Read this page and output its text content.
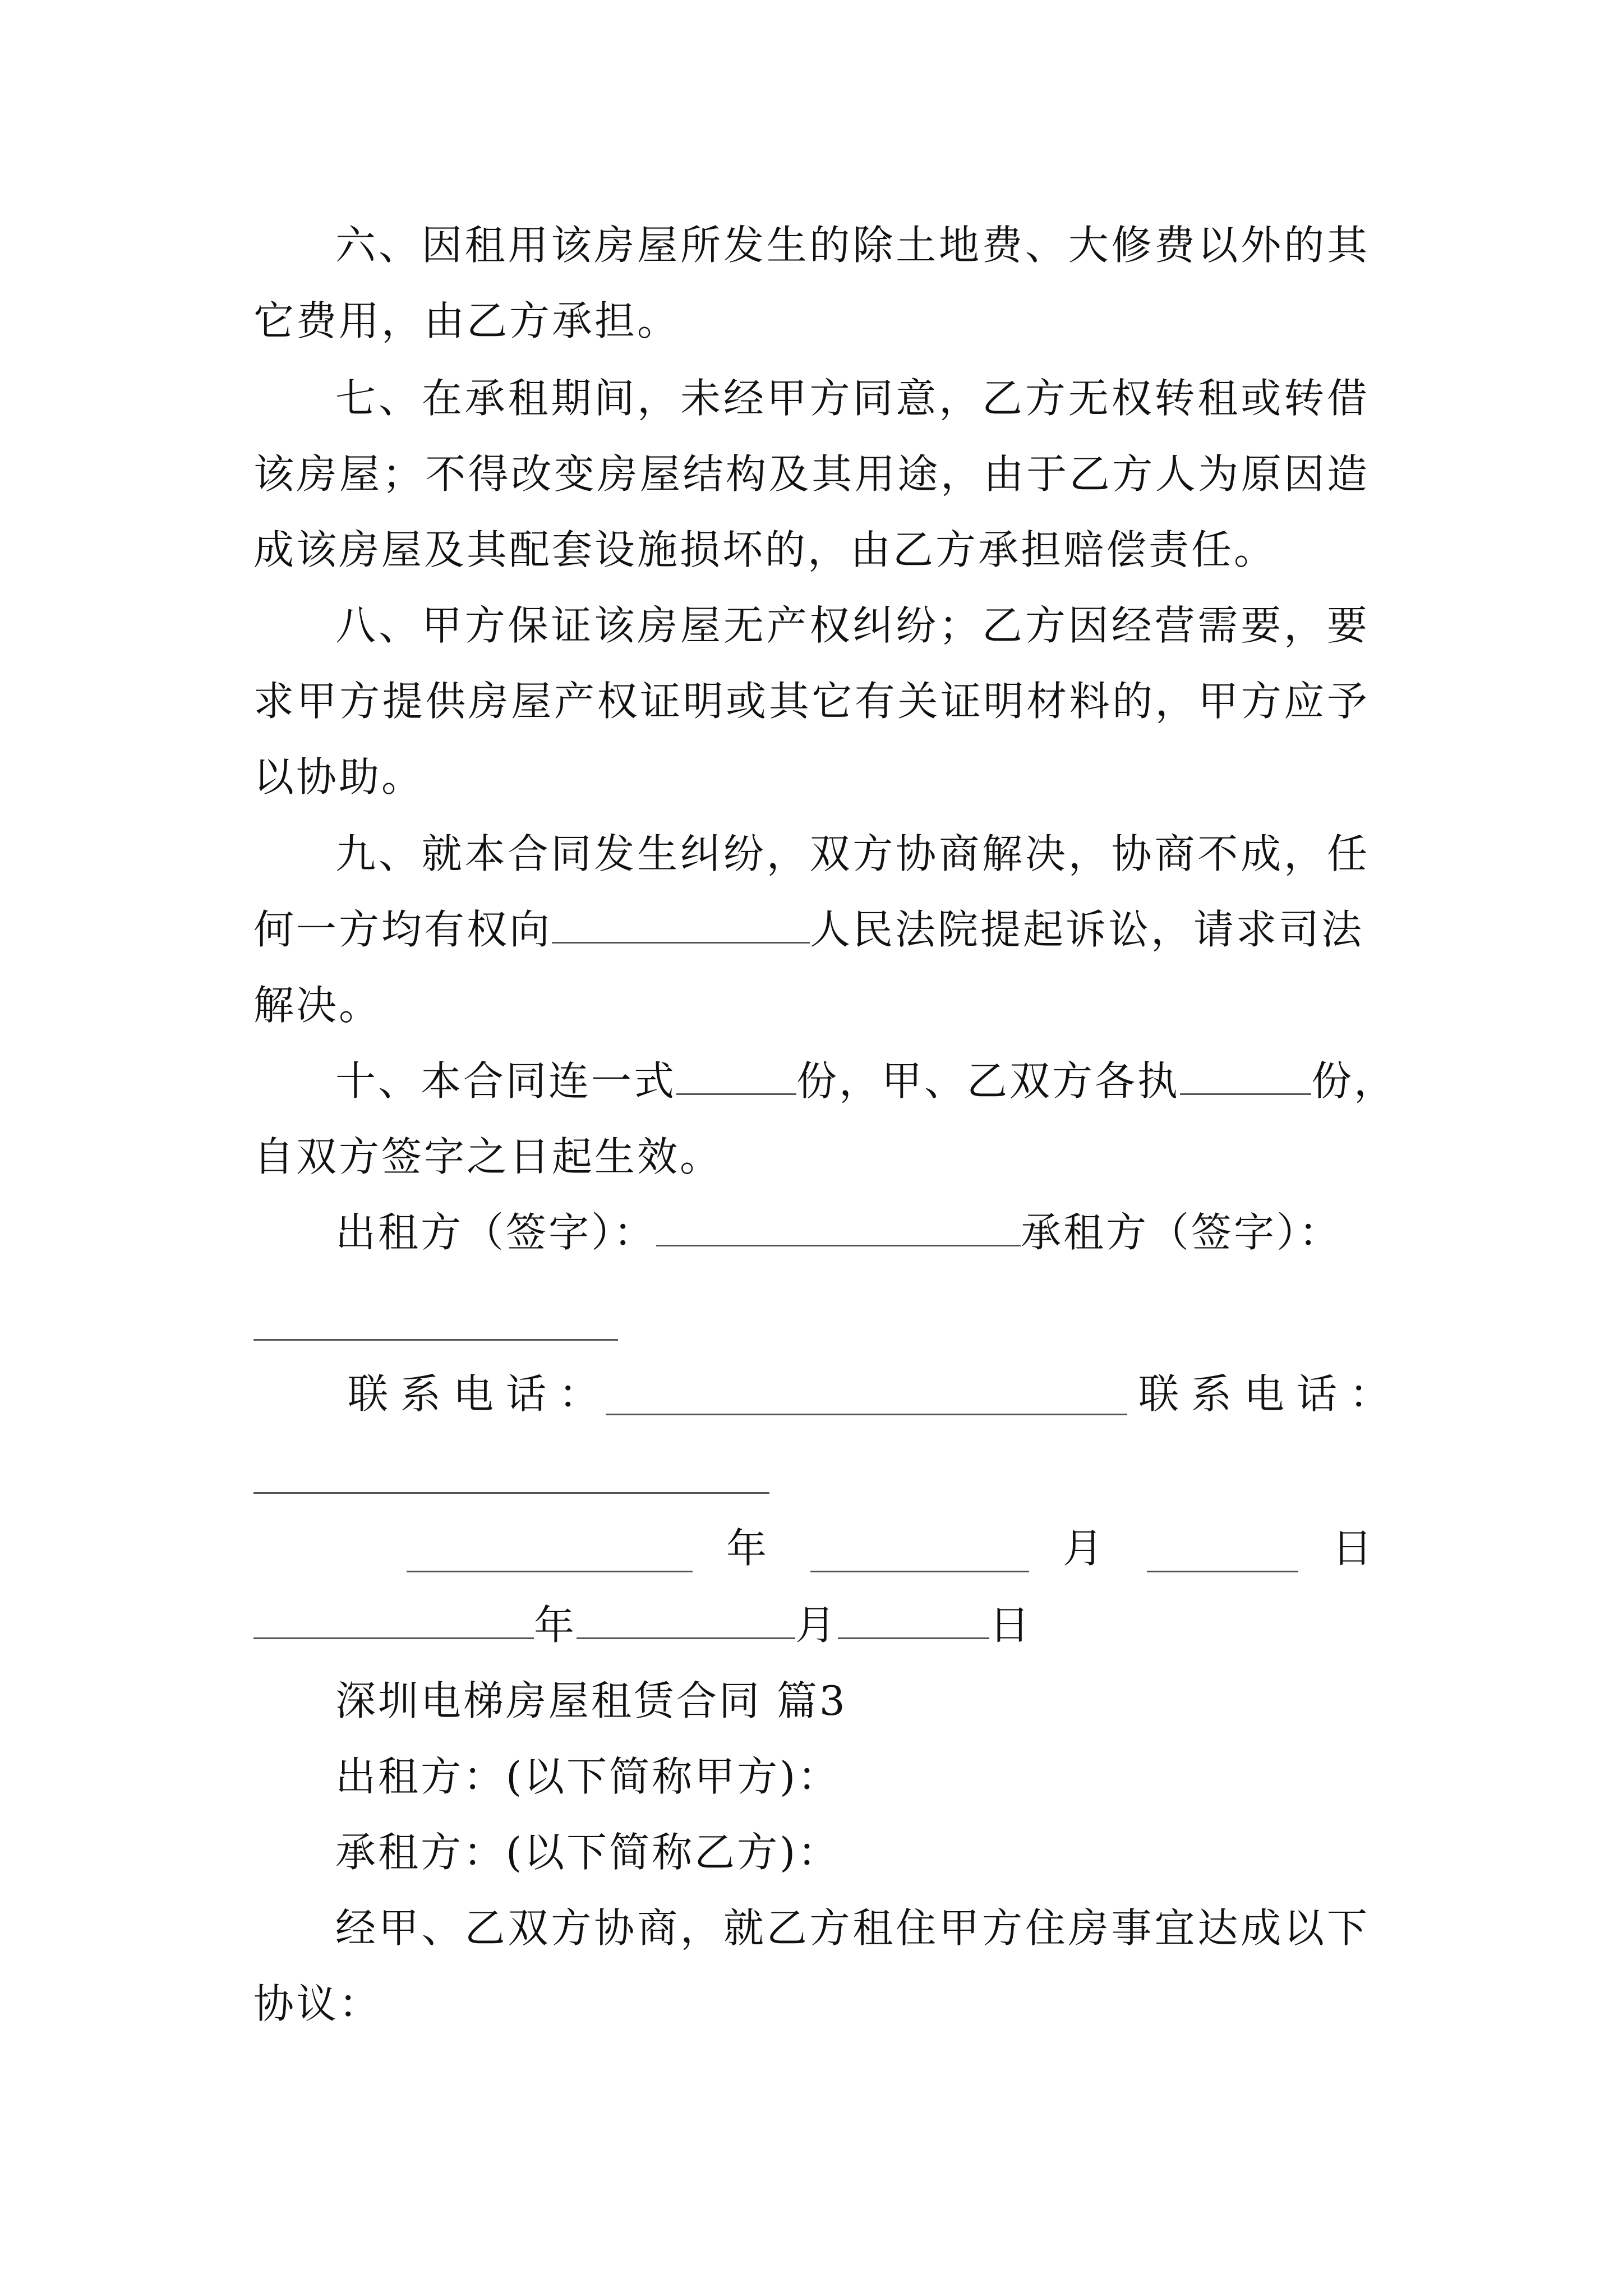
六、因租用该房屋所发生的除土地费、大修费以外的其
它费用，由乙方承担。
七、在承租期间，未经甲方同意，乙方无权转租或转借
该房屋；不得改变房屋结构及其用途，由于乙方人为原因造
成该房屋及其配套设施损坏的，由乙方承担赔偿责任。
八、甲方保证该房屋无产权纠纷；乙方因经营需要，要
求甲方提供房屋产权证明或其它有关证明材料的，甲方应予
以协助。
九、就本合同发生纠纷，双方协商解决，协商不成，任
何一方均有权向	人民法院提起诉讼，请求司法
解决。
十、本合同连一式	份，甲、乙双方各执	份，
自双方签字之日起生效。
出租方（签字）：	承租方（签字）：
联系电话：	联系电话：
年	月	日
年	月	日
深圳电梯房屋租赁合同 篇3
出租方：(以下简称甲方)：
承租方：(以下简称乙方)：
经甲、乙双方协商，就乙方租住甲方住房事宜达成以下
协议：
